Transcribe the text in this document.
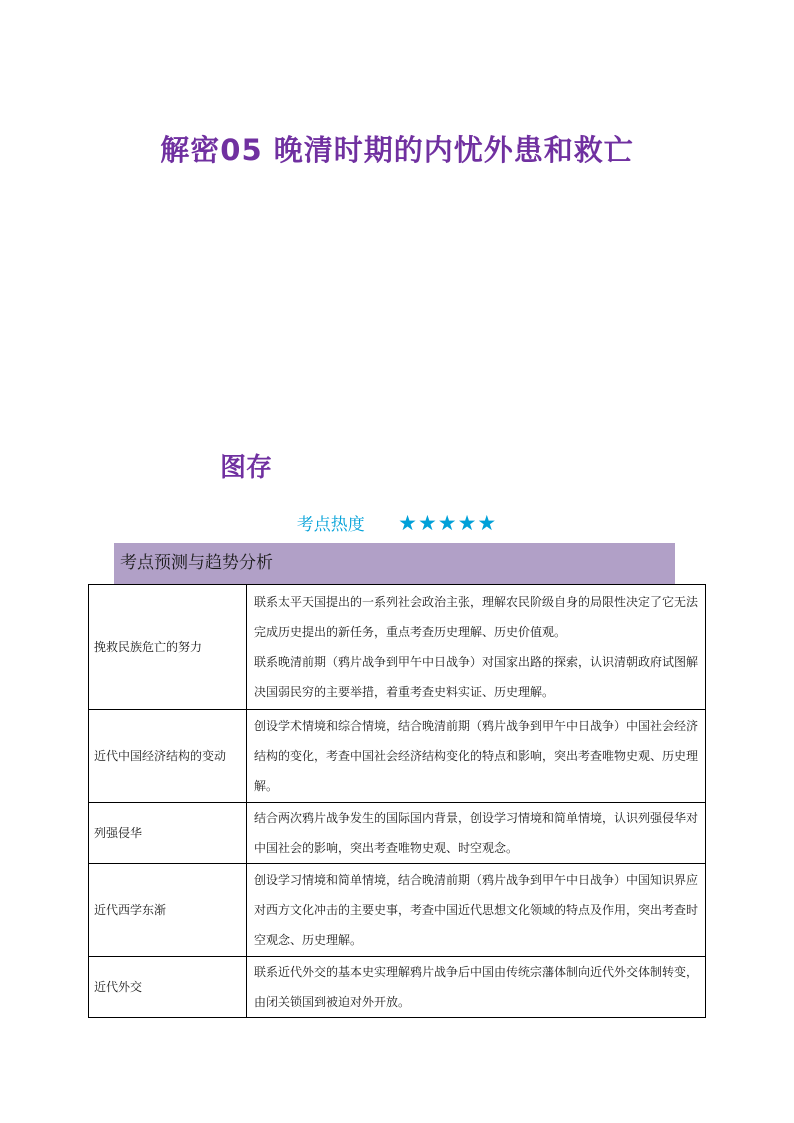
解密05 晚清时期的内忧外患和救亡
图存
考点热度 ★★★★★
考点预测与趋势分析
挽救民族危亡的努力	联系太平天国提出的一系列社会政治主张，理解农民阶级自身的局限性决定了它无法完成历史提出的新任务，重点考查历史理解、历史价值观。
联系晚清前期（鸦片战争到甲午中日战争）对国家出路的探索，认识清朝政府试图解决国弱民穷的主要举措，着重考查史料实证、历史理解。

近代中国经济结构的变动	创设学术情境和综合情境，结合晚清前期（鸦片战争到甲午中日战争）中国社会经济结构的变化，考查中国社会经济结构变化的特点和影响，突出考查唯物史观、历史理解。

列强侵华	结合两次鸦片战争发生的国际国内背景，创设学习情境和简单情境，认识列强侵华对中国社会的影响，突出考查唯物史观、时空观念。

近代西学东渐	创设学习情境和简单情境，结合晚清前期（鸦片战争到甲午中日战争）中国知识界应对西方文化冲击的主要史事，考查中国近代思想文化领域的特点及作用，突出考查时空观念、历史理解。

近代外交	联系近代外交的基本史实理解鸦片战争后中国由传统宗藩体制向近代外交体制转变，由闭关锁国到被迫对外开放。
